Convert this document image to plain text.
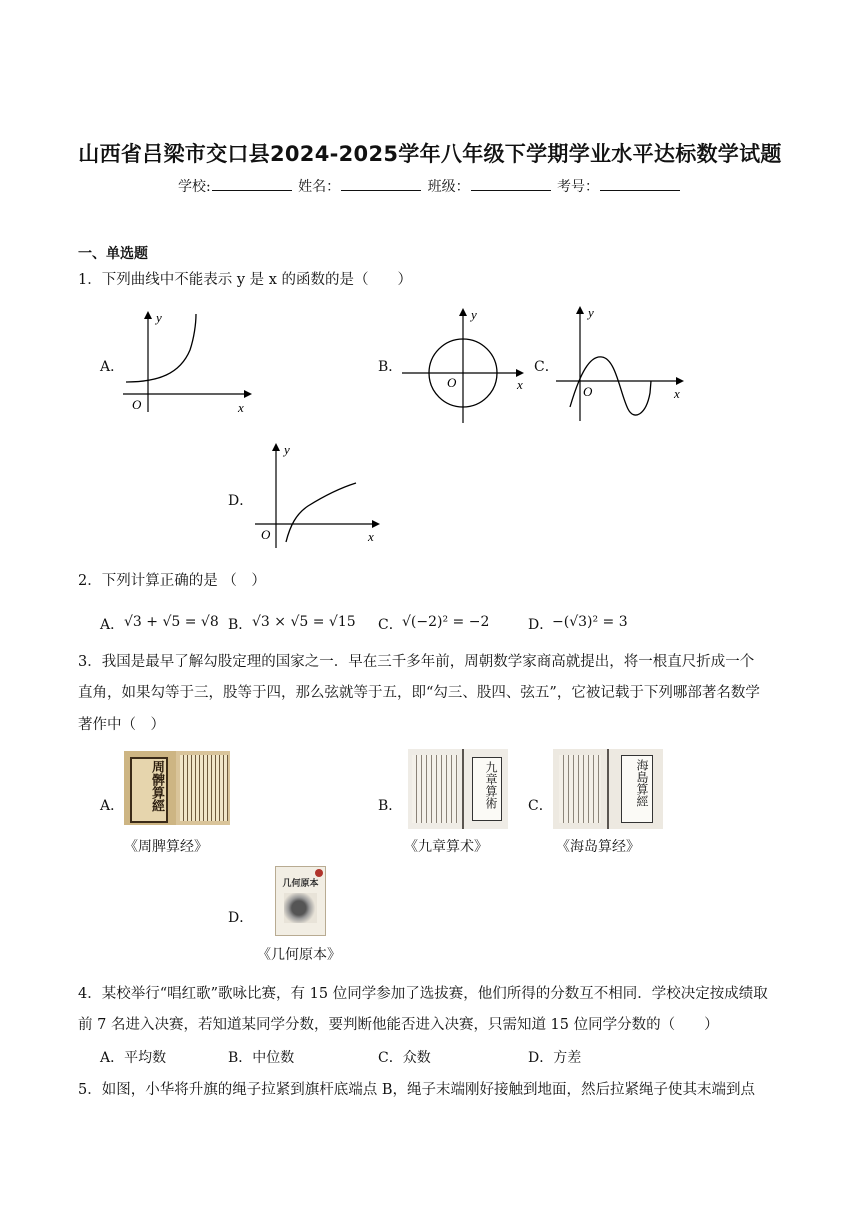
山西省吕梁市交口县2024-2025学年八年级下学期学业水平达标数学试题
学校:	姓名：	班级：	考号：
一、单选题
1．下列曲线中不能表示 y 是 x 的函数的是（　　）
A．
y
x
O
B．
y
x
O
C．
y
x
O
D．
y
x
O
2．下列计算正确的是 （　）
A． √3 + √5 = √8 B． √3 × √5 = √15 C． √(−2)² = −2	D．
−(√3)² = 3
3．我国是最早了解勾股定理的国家之一．早在三千多年前，周朝数学家商高就提出，将一根直尺折成一个
直角，如果勾等于三，股等于四，那么弦就等于五，即“勾三、股四、弦五”，它被记载于下列哪部著名数学
著作中（　）
A．	周髀算經
《周脾算经》
B．	九章算術
《九章算术》
C．	海島算經
《海岛算经》
D．
几何原本
《几何原本》
4．某校举行“唱红歌”歌咏比赛，有 15 位同学参加了选拔赛，他们所得的分数互不相同．学校决定按成绩取
前 7 名进入决赛，若知道某同学分数，要判断他能否进入决赛，只需知道 15 位同学分数的（　　）
A．平均数	B．中位数	C．众数	D．方差
5．如图，小华将升旗的绳子拉紧到旗杆底端点 B，绳子末端刚好接触到地面，然后拉紧绳子使其末端到点
